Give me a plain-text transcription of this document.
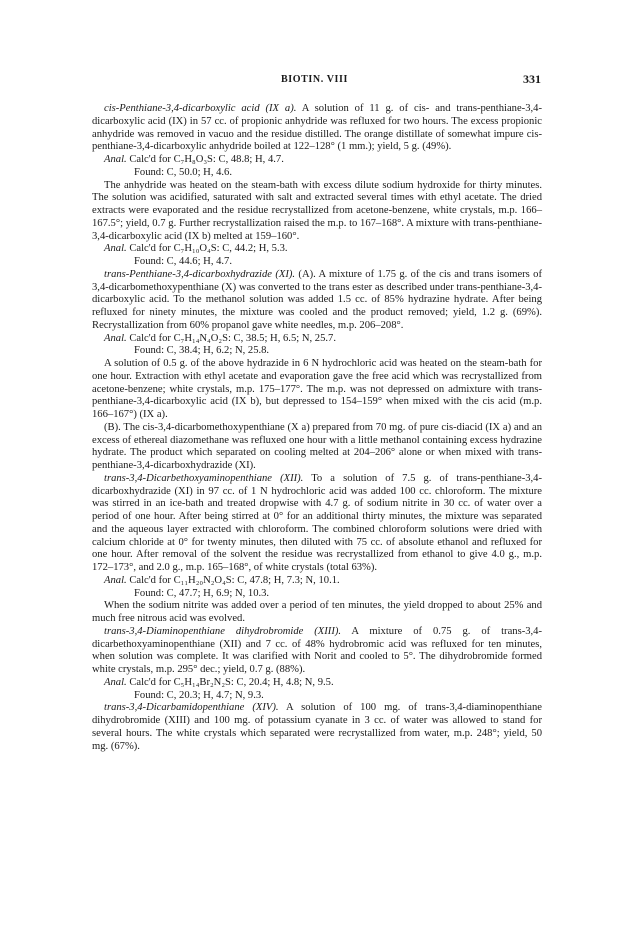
BIOTIN. VIII	331

cis-Penthiane-3,4-dicarboxylic acid (IX a). A solution of 11 g. of cis- and trans-penthiane-3,4-dicarboxylic acid (IX) in 57 cc. of propionic anhydride was refluxed for two hours. The excess propionic anhydride was removed in vacuo and the residue distilled. The orange distillate of somewhat impure cis-penthiane-3,4-dicarboxylic anhydride boiled at 122–128° (1 mm.); yield, 5 g. (49%).

Anal. Calc'd for C₇H₈O₃S: C, 48.8; H, 4.7.

Found: C, 50.0; H, 4.6.

The anhydride was heated on the steam-bath with excess dilute sodium hydroxide for thirty minutes. The solution was acidified, saturated with salt and extracted several times with ethyl acetate. The dried extracts were evaporated and the residue recrystallized from acetone-benzene, white crystals, m.p. 166–167.5°; yield, 0.7 g. Further recrystallization raised the m.p. to 167–168°. A mixture with trans-penthiane-3,4-dicarboxylic acid (IX b) melted at 159–160°.

Anal. Calc'd for C₇H₁₀O₄S: C, 44.2; H, 5.3.

Found: C, 44.6; H, 4.7.

trans-Penthiane-3,4-dicarboxhydrazide (XI). (A). A mixture of 1.75 g. of the cis and trans isomers of 3,4-dicarbomethoxypenthiane (X) was converted to the trans ester as described under trans-penthiane-3,4-dicarboxylic acid. To the methanol solution was added 1.5 cc. of 85% hydrazine hydrate. After being refluxed for ninety minutes, the mixture was cooled and the product removed; yield, 1.2 g. (69%). Recrystallization from 60% propanol gave white needles, m.p. 206–208°.

Anal. Calc'd for C₇H₁₄N₄O₂S: C, 38.5; H, 6.5; N, 25.7.

Found: C, 38.4; H, 6.2; N, 25.8.

A solution of 0.5 g. of the above hydrazide in 6 N hydrochloric acid was heated on the steam-bath for one hour. Extraction with ethyl acetate and evaporation gave the free acid which was recrystallized from acetone-benzene; white crystals, m.p. 175–177°. The m.p. was not depressed on admixture with trans-penthiane-3,4-dicarboxylic acid (IX b), but depressed to 154–159° when mixed with the cis acid (m.p. 166–167°) (IX a).

(B). The cis-3,4-dicarbomethoxypenthiane (X a) prepared from 70 mg. of pure cis-diacid (IX a) and an excess of ethereal diazomethane was refluxed one hour with a little methanol containing excess hydrazine hydrate. The product which separated on cooling melted at 204–206° alone or when mixed with trans-penthiane-3,4-dicarboxhydrazide (XI).

trans-3,4-Dicarbethoxyaminopenthiane (XII). To a solution of 7.5 g. of trans-penthiane-3,4-dicarboxhydrazide (XI) in 97 cc. of 1 N hydrochloric acid was added 100 cc. chloroform. The mixture was stirred in an ice-bath and treated dropwise with 4.7 g. of sodium nitrite in 30 cc. of water over a period of one hour. After being stirred at 0° for an additional thirty minutes, the mixture was separated and the aqueous layer extracted with chloroform. The combined chloroform solutions were dried with calcium chloride at 0° for twenty minutes, then diluted with 75 cc. of absolute ethanol and refluxed for one hour. After removal of the solvent the residue was recrystallized from ethanol to give 4.0 g., m.p. 172–173°, and 2.0 g., m.p. 165–168°, of white crystals (total 63%).

Anal. Calc'd for C₁₁H₂₀N₂O₄S: C, 47.8; H, 7.3; N, 10.1.

Found: C, 47.7; H, 6.9; N, 10.3.

When the sodium nitrite was added over a period of ten minutes, the yield dropped to about 25% and much free nitrous acid was evolved.

trans-3,4-Diaminopenthiane dihydrobromide (XIII). A mixture of 0.75 g. of trans-3,4-dicarbethoxyaminopenthiane (XII) and 7 cc. of 48% hydrobromic acid was refluxed for ten minutes, when solution was complete. It was clarified with Norit and cooled to 5°. The dihydrobromide formed white crystals, m.p. 295° dec.; yield, 0.7 g. (88%).

Anal. Calc'd for C₅H₁₄Br₂N₂S: C, 20.4; H, 4.8; N, 9.5.

Found: C, 20.3; H, 4.7; N, 9.3.

trans-3,4-Dicarbamidopenthiane (XIV). A solution of 100 mg. of trans-3,4-diaminopenthiane dihydrobromide (XIII) and 100 mg. of potassium cyanate in 3 cc. of water was allowed to stand for several hours. The white crystals which separated were recrystallized from water, m.p. 248°; yield, 50 mg. (67%).
